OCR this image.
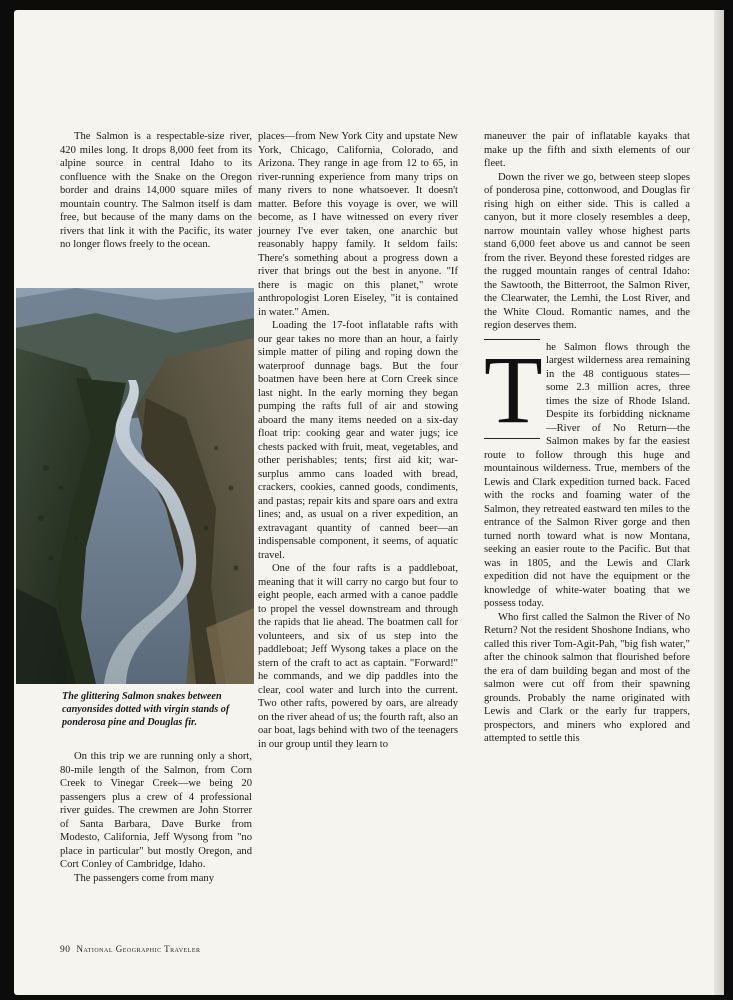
The Salmon is a respectable-size river, 420 miles long. It drops 8,000 feet from its alpine source in central Idaho to its confluence with the Snake on the Oregon border and drains 14,000 square miles of mountain country. The Salmon itself is dam free, but because of the many dams on the rivers that link it with the Pacific, its water no longer flows freely to the ocean.

The glittering Salmon snakes between canyonsides dotted with virgin stands of ponderosa pine and Douglas fir.

On this trip we are running only a short, 80-mile length of the Salmon, from Corn Creek to Vinegar Creek—we being 20 passengers plus a crew of 4 professional river guides. The crewmen are John Storrer of Santa Barbara, Dave Burke from Modesto, California, Jeff Wysong from "no place in particular" but mostly Oregon, and Cort Conley of Cambridge, Idaho.

The passengers come from many

places—from New York City and upstate New York, Chicago, California, Colorado, and Arizona. They range in age from 12 to 65, in river-running experience from many trips on many rivers to none whatsoever. It doesn't matter. Before this voyage is over, we will become, as I have witnessed on every river journey I've ever taken, one anarchic but reasonably happy family. It seldom fails: There's something about a progress down a river that brings out the best in anyone. "If there is magic on this planet," wrote anthropologist Loren Eiseley, "it is contained in water." Amen.

Loading the 17-foot inflatable rafts with our gear takes no more than an hour, a fairly simple matter of piling and roping down the waterproof dunnage bags. But the four boatmen have been here at Corn Creek since last night. In the early morning they began pumping the rafts full of air and stowing aboard the many items needed on a six-day float trip: cooking gear and water jugs; ice chests packed with fruit, meat, vegetables, and other perishables; tents; first aid kit; war-surplus ammo cans loaded with bread, crackers, cookies, canned goods, condiments, and pastas; repair kits and spare oars and extra lines; and, as usual on a river expedition, an extravagant quantity of canned beer—an indispensable component, it seems, of aquatic travel.

One of the four rafts is a paddleboat, meaning that it will carry no cargo but four to eight people, each armed with a canoe paddle to propel the vessel downstream and through the rapids that lie ahead. The boatmen call for volunteers, and six of us step into the paddleboat; Jeff Wysong takes a place on the stern of the craft to act as captain. "Forward!" he commands, and we dip paddles into the clear, cool water and lurch into the current. Two other rafts, powered by oars, are already on the river ahead of us; the fourth raft, also an oar boat, lags behind with two of the teenagers in our group until they learn to

maneuver the pair of inflatable kayaks that make up the fifth and sixth elements of our fleet.

Down the river we go, between steep slopes of ponderosa pine, cottonwood, and Douglas fir rising high on either side. This is called a canyon, but it more closely resembles a deep, narrow mountain valley whose highest parts stand 6,000 feet above us and cannot be seen from the river. Beyond these forested ridges are the rugged mountain ranges of central Idaho: the Sawtooth, the Bitterroot, the Salmon River, the Clearwater, the Lemhi, the Lost River, and the White Cloud. Romantic names, and the region deserves them.

T he Salmon flows through the largest wilderness area remaining in the 48 contiguous states—some 2.3 million acres, three times the size of Rhode Island. Despite its forbidding nickname—River of No Return—the Salmon makes by far the easiest route to follow through this huge and mountainous wilderness. True, members of the Lewis and Clark expedition turned back. Faced with the rocks and foaming water of the Salmon, they retreated eastward ten miles to the entrance of the Salmon River gorge and then turned north toward what is now Montana, seeking an easier route to the Pacific. But that was in 1805, and the Lewis and Clark expedition did not have the equipment or the knowledge of white-water boating that we possess today.

Who first called the Salmon the River of No Return? Not the resident Shoshone Indians, who called this river Tom-Agit-Pah, "big fish water," after the chinook salmon that flourished before the era of dam building began and most of the salmon were cut off from their spawning grounds. Probably the name originated with Lewis and Clark or the early fur trappers, prospectors, and miners who explored and attempted to settle this

90 National Geographic Traveler
